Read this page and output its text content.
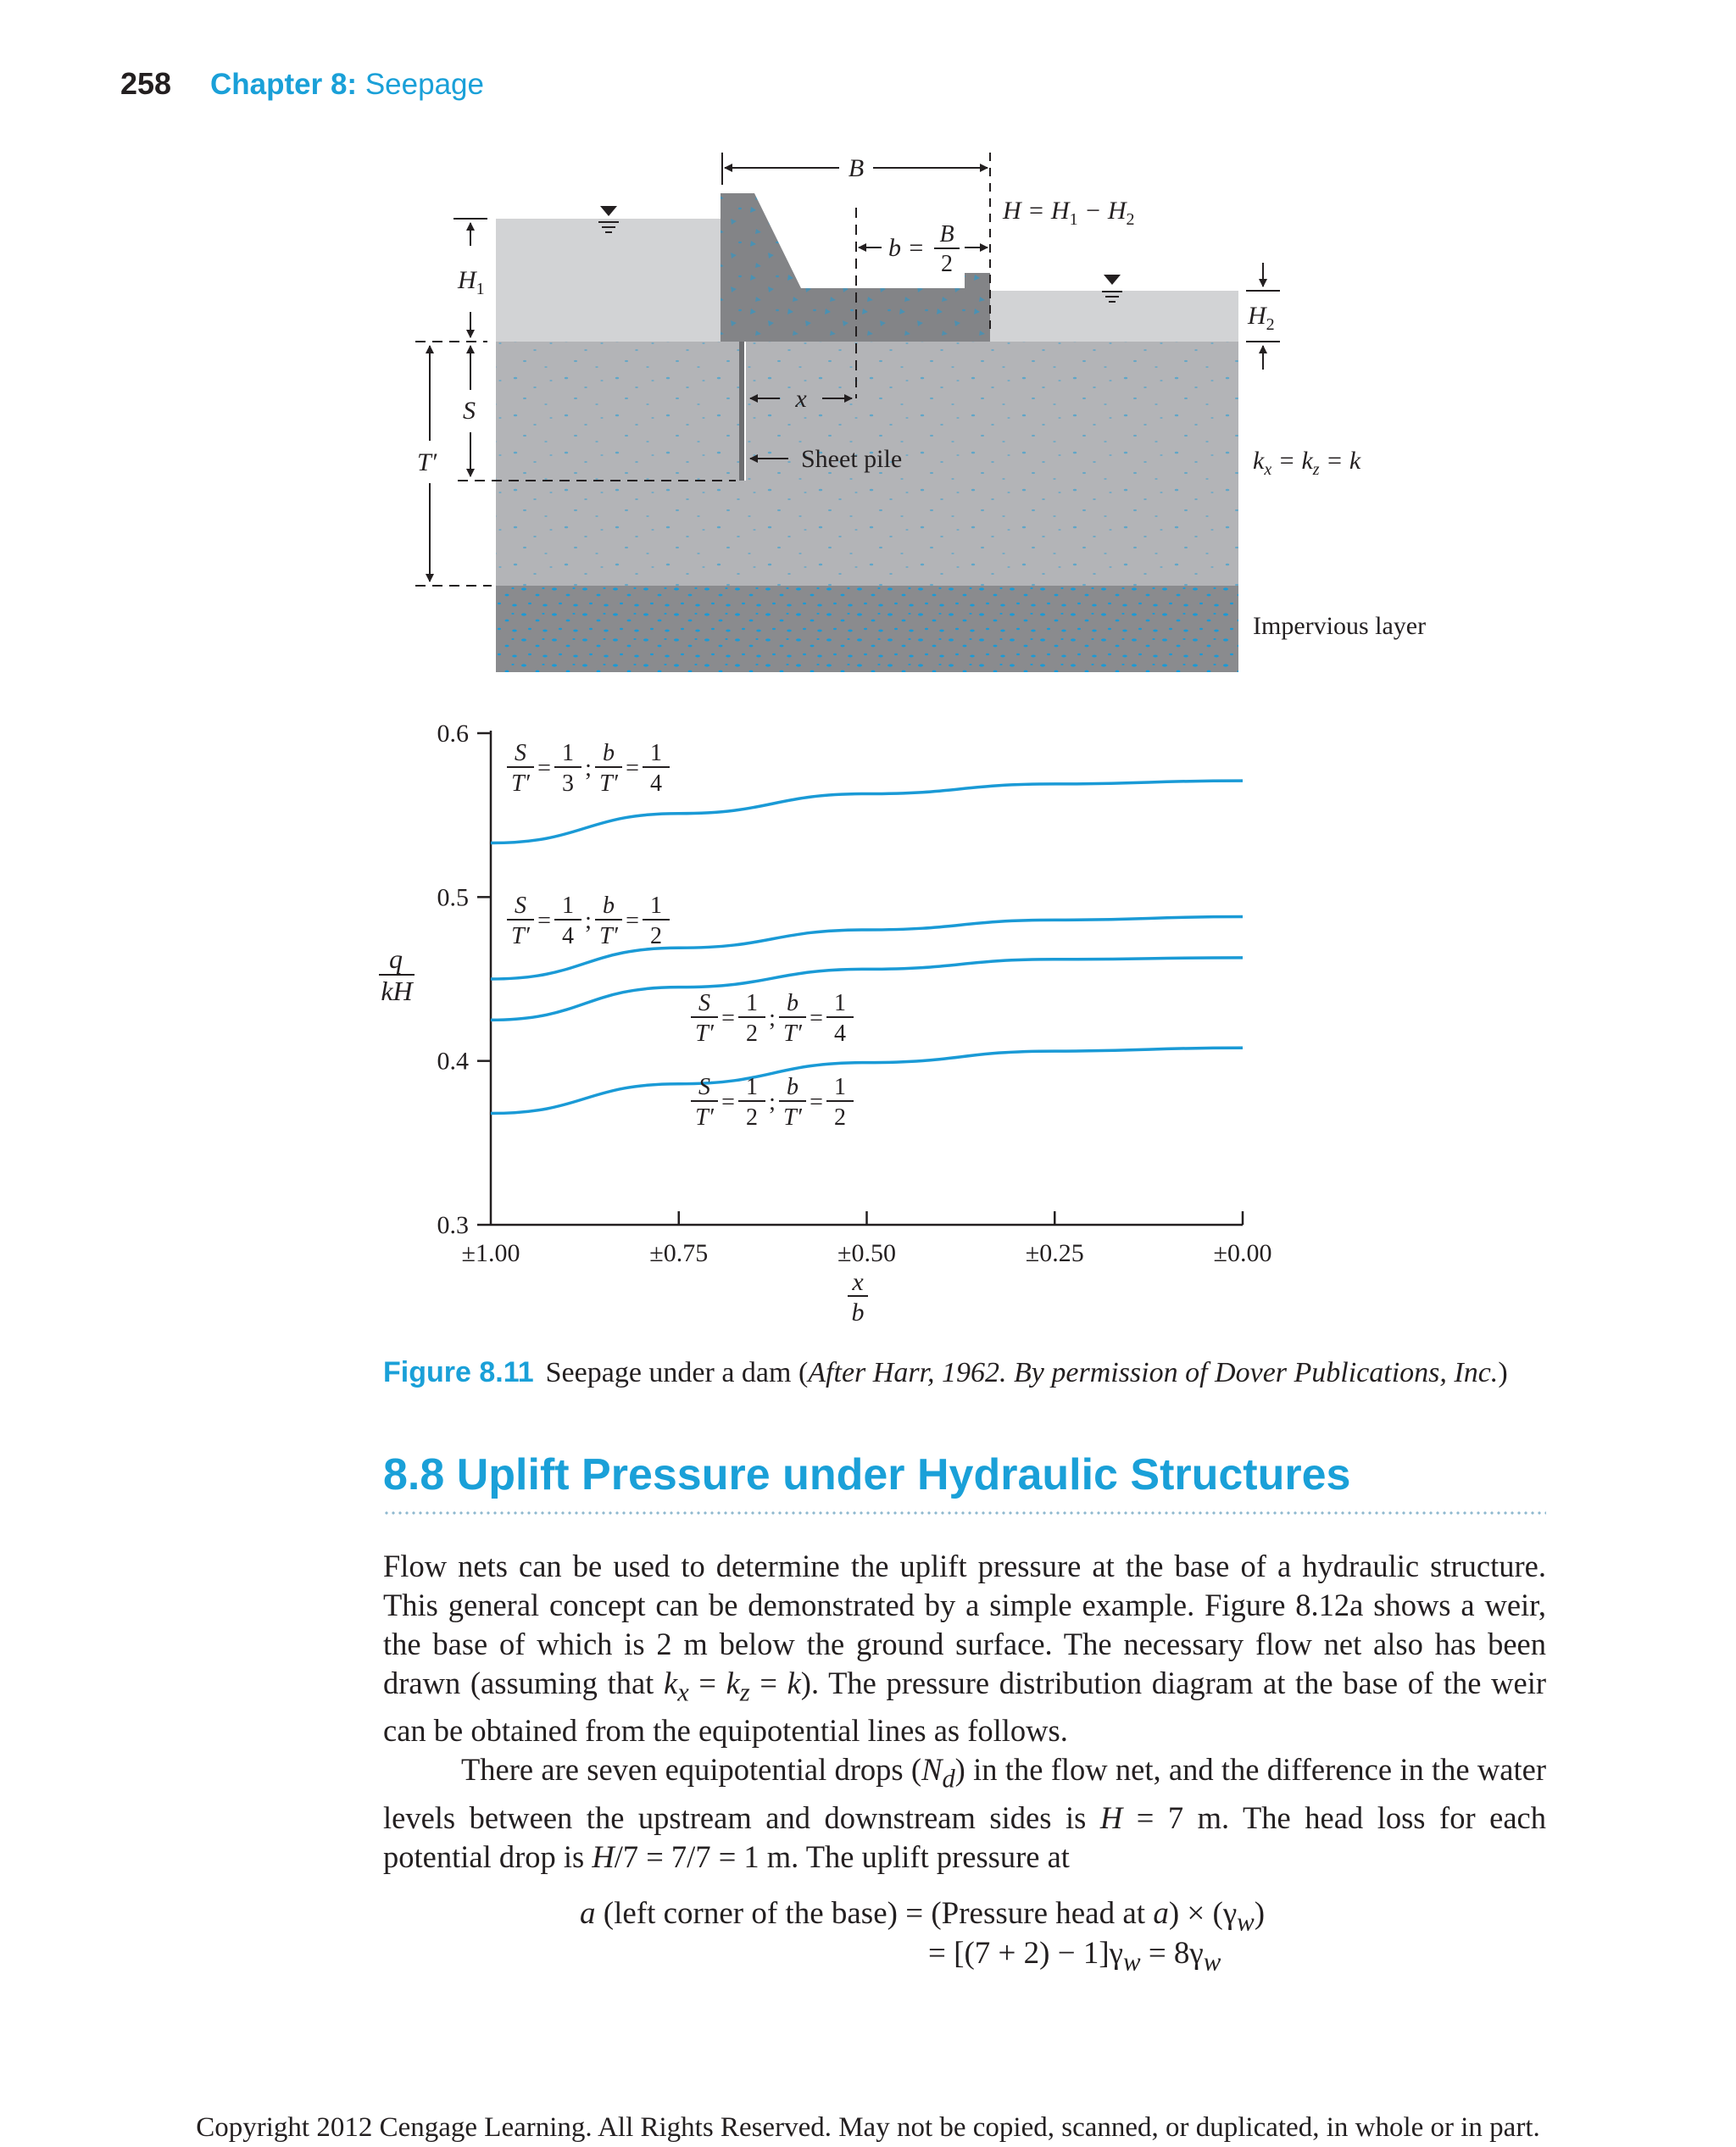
258 Chapter 8: Seepage
B
$H = H_1 - H_2$
b = B
2
$H_1$
S
T′
x
Sheet pile
$H_2$
$k_x = k_z = k$
Impervious layer
0.6
0.5
0.4
0.3
±1.00	±0.75	±0.50	±0.25	±0.00
q
kH
x
b
S
T′
=
1
3
;
b
T′
=
1
4
S
T′
=
1
4
;
b
T′
=
1
2
S
T′
=
1
2
;
b
T′
=
1
4
S
T′
=
1
2
;
b
T′
=
1
2
Figure 8.11 Seepage under a dam (After Harr, 1962. By permission of Dover Publications, Inc.)
8.8 Uplift Pressure under Hydraulic Structures

Flow nets can be used to determine the uplift pressure at the base of a hydraulic structure. This general concept can be demonstrated by a simple example. Figure 8.12a shows a weir, the base of which is 2 m below the ground surface. The necessary flow net also has been drawn (assuming that $k_x = k_z = k$). The pressure distribution diagram at the base of the weir can be obtained from the equipotential lines as follows.

There are seven equipotential drops $(N_d)$ in the flow net, and the difference in the water levels between the upstream and downstream sides is H = 7 m. The head loss for each potential drop is H/7 = 7/7 = 1 m. The uplift pressure at

a (left corner of the base) = (Pressure head at $a) \times (\gamma_w)$
= $[(7 + 2) - 1]\gamma_w = 8\gamma_w$
Copyright 2012 Cengage Learning. All Rights Reserved. May not be copied, scanned, or duplicated, in whole or in part.
